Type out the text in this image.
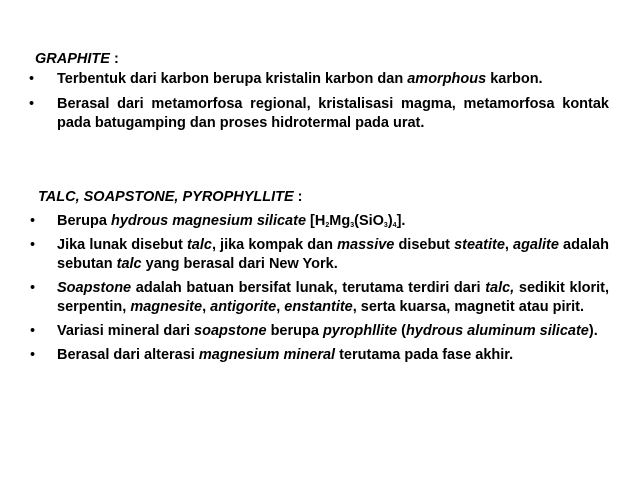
GRAPHITE :
•	Terbentuk dari karbon berupa kristalin karbon dan amorphous karbon.
•	Berasal dari metamorfosa regional, kristalisasi magma, metamorfosa kontak pada batugamping dan proses hidrotermal pada urat.
TALC, SOAPSTONE, PYROPHYLLITE :
•	Berupa hydrous magnesium silicate $[H_2Mg_3(SiO_3)_4]$.
•	Jika lunak disebut talc, jika kompak dan massive disebut steatite, agalite adalah sebutan talc yang berasal dari New York.
•	Soapstone adalah batuan bersifat lunak, terutama terdiri dari talc, sedikit klorit, serpentin, magnesite, antigorite, enstantite, serta kuarsa, magnetit atau pirit.
•	Variasi mineral dari soapstone berupa pyrophllite (hydrous aluminum silicate).
•	Berasal dari alterasi magnesium mineral terutama pada fase akhir.
